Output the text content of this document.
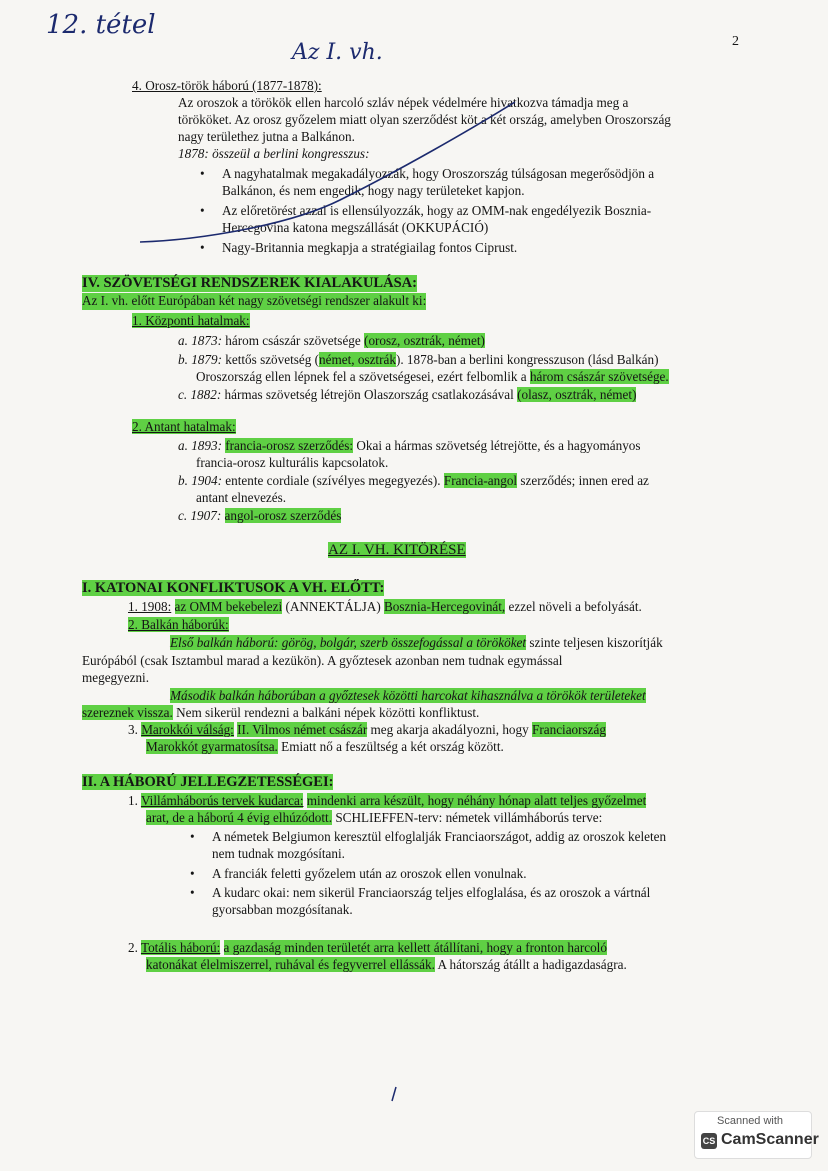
12. tétel
Az I. vh.	2
4. Orosz-török háború (1877-1878):
Az oroszok a törökök ellen harcoló szláv népek védelmére hivatkozva támadja meg a
törököket. Az orosz győzelem miatt olyan szerződést köt a két ország, amelyben Oroszország
nagy területhez jutna a Balkánon.
1878: összeül a berlini kongresszus:
• A nagyhatalmak megakadályozzák, hogy Oroszország túlságosan megerősödjön a
Balkánon, és nem engedik, hogy nagy területeket kapjon.
• Az előretörést azzal is ellensúlyozzák, hogy az OMM-nak engedélyezik Bosznia-
Hercegovina katona megszállását (OKKUPÁCIÓ)
• Nagy-Britannia megkapja a stratégiailag fontos Ciprust.
IV. SZÖVETSÉGI RENDSZEREK KIALAKULÁSA:
Az I. vh. előtt Európában két nagy szövetségi rendszer alakult ki:
1. Központi hatalmak:
a. 1873: három császár szövetsége (orosz, osztrák, német)
b. 1879: kettős szövetség (német, osztrák). 1878-ban a berlini kongresszuson (lásd Balkán)
Oroszország ellen lépnek fel a szövetségesei, ezért felbomlik a három császár szövetsége.
c. 1882: hármas szövetség létrejön Olaszország csatlakozásával (olasz, osztrák, német)
2. Antant hatalmak:
a. 1893: francia-orosz szerződés: Okai a hármas szövetség létrejötte, és a hagyományos
francia-orosz kulturális kapcsolatok.
b. 1904: entente cordiale (szívélyes megegyezés). Francia-angol szerződés; innen ered az
antant elnevezés.
c. 1907: angol-orosz szerződés
AZ I. VH. KITÖRÉSE
I. KATONAI KONFLIKTUSOK A VH. ELŐTT:
1. 1908: az OMM bekebelezi (ANNEKTÁLJA) Bosznia-Hercegovinát, ezzel növeli a befolyását.
2. Balkán háborúk:
Első balkán háború: görög, bolgár, szerb összefogással a törököket szinte teljesen kiszorítják
Európából (csak Isztambul marad a kezükön). A győztesek azonban nem tudnak egymással
megegyezni.
Második balkán háborúban a győztesek közötti harcokat kihasználva a törökök területeket
szereznek vissza. Nem sikerül rendezni a balkáni népek közötti konfliktust.
3. Marokkói válság: II. Vilmos német császár meg akarja akadályozni, hogy Franciaország
Marokkót gyarmatosítsa. Emiatt nő a feszültség a két ország között.
II. A HÁBORÚ JELLEGZETESSÉGEI:
1. Villámháborús tervek kudarca: mindenki arra készült, hogy néhány hónap alatt teljes győzelmet
arat, de a háború 4 évig elhúzódott. SCHLIEFFEN-terv: németek villámháborús terve:
• A németek Belgiumon keresztül elfoglalják Franciaországot, addig az oroszok keleten
nem tudnak mozgósítani.
• A franciák feletti győzelem után az oroszok ellen vonulnak.
• A kudarc okai: nem sikerül Franciaország teljes elfoglalása, és az oroszok a vártnál
gyorsabban mozgósítanak.
2. Totális háború: a gazdaság minden területét arra kellett átállítani, hogy a fronton harcoló
katonákat élelmiszerrel, ruhával és fegyverrel ellássák. A hátország átállt a hadigazdaságra.
Scanned with
CS CamScanner
